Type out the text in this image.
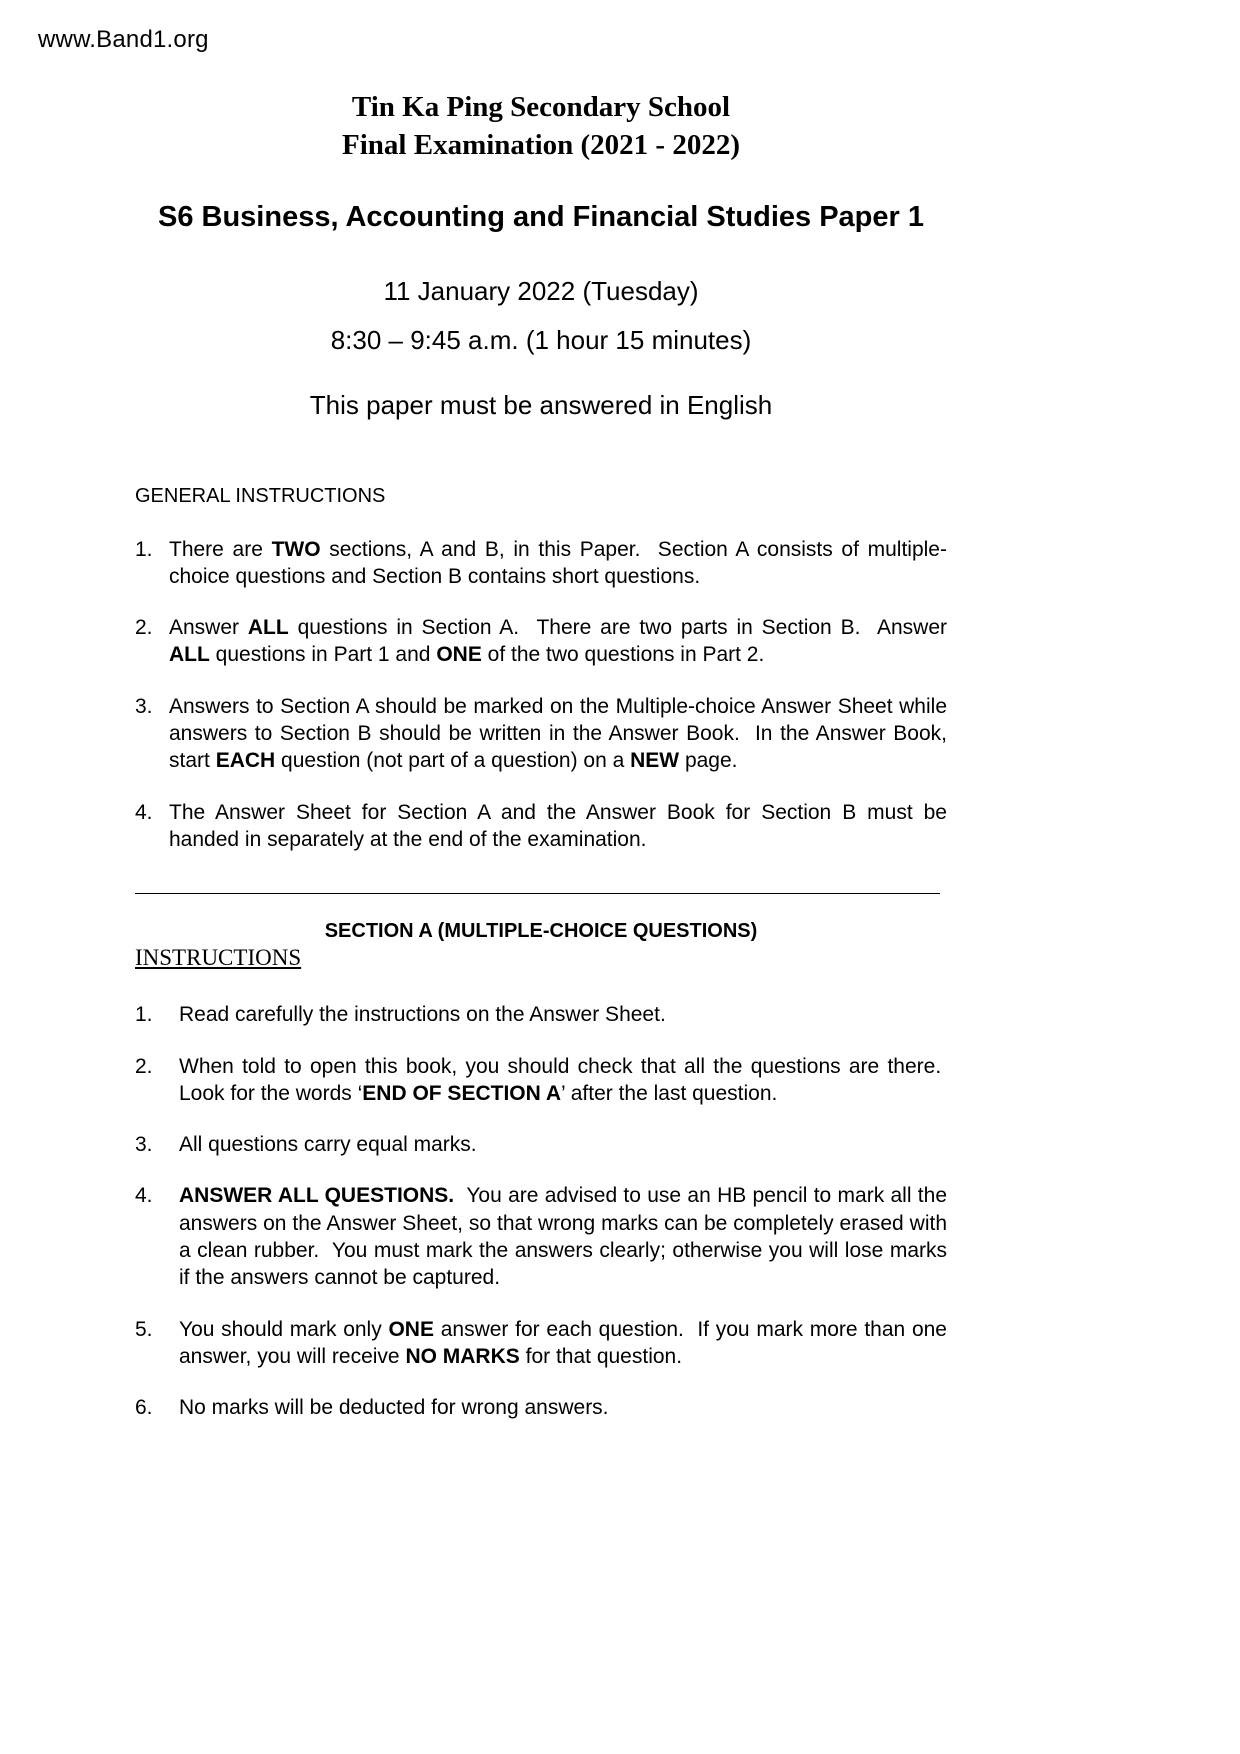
www.Band1.org
Tin Ka Ping Secondary School
Final Examination (2021 - 2022)
S6 Business, Accounting and Financial Studies Paper 1
11 January 2022 (Tuesday)
8:30 – 9:45 a.m. (1 hour 15 minutes)
This paper must be answered in English
GENERAL INSTRUCTIONS
1. There are TWO sections, A and B, in this Paper.  Section A consists of multiple-choice questions and Section B contains short questions.
2. Answer ALL questions in Section A.  There are two parts in Section B.  Answer ALL questions in Part 1 and ONE of the two questions in Part 2.
3. Answers to Section A should be marked on the Multiple-choice Answer Sheet while answers to Section B should be written in the Answer Book.  In the Answer Book, start EACH question (not part of a question) on a NEW page.
4. The Answer Sheet for Section A and the Answer Book for Section B must be handed in separately at the end of the examination.
SECTION A (MULTIPLE-CHOICE QUESTIONS)
INSTRUCTIONS
1.	Read carefully the instructions on the Answer Sheet.
2.	When told to open this book, you should check that all the questions are there.  Look for the words ‘END OF SECTION A’ after the last question.
3.	All questions carry equal marks.
4.	ANSWER ALL QUESTIONS.  You are advised to use an HB pencil to mark all the answers on the Answer Sheet, so that wrong marks can be completely erased with a clean rubber.  You must mark the answers clearly; otherwise you will lose marks if the answers cannot be captured.
5.	You should mark only ONE answer for each question.  If you mark more than one answer, you will receive NO MARKS for that question.
6.	No marks will be deducted for wrong answers.
